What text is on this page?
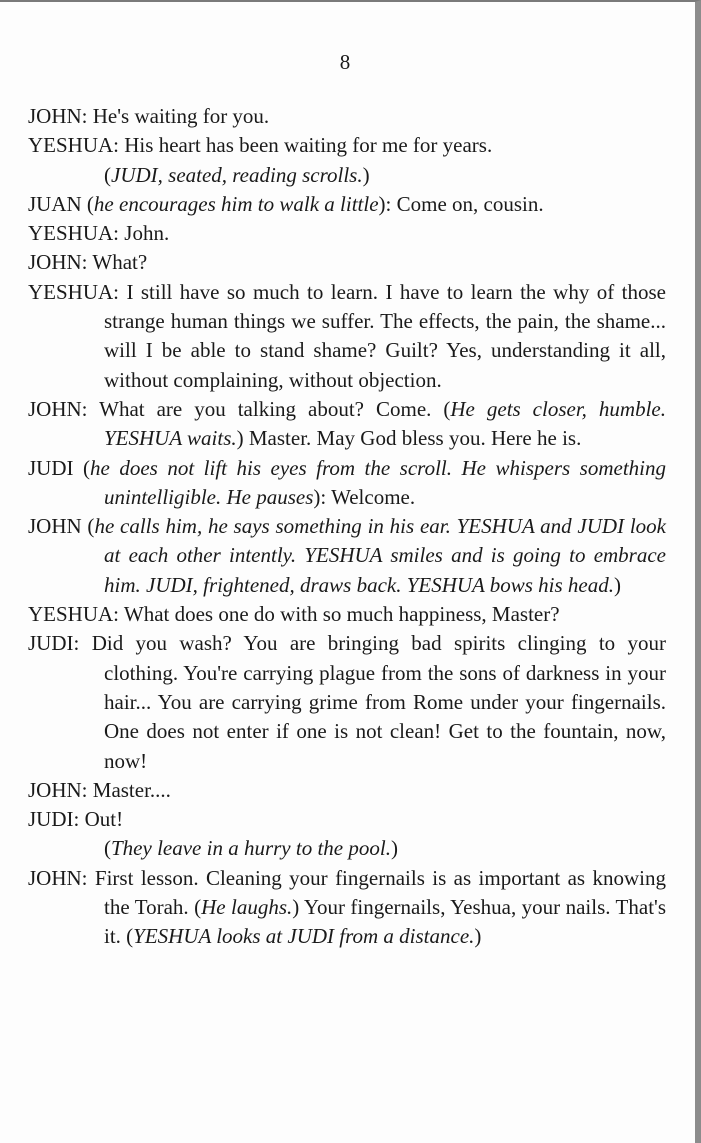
8

JOHN: He's waiting for you.

YESHUA: His heart has been waiting for me for years.

(JUDI, seated, reading scrolls.)

JUAN (he encourages him to walk a little): Come on, cousin.

YESHUA: John.

JOHN: What?

YESHUA: I still have so much to learn. I have to learn the why of those strange human things we suffer. The effects, the pain, the shame... will I be able to stand shame? Guilt? Yes, understanding it all, without complaining, without objection.

JOHN: What are you talking about? Come. (He gets closer, humble. YESHUA waits.) Master. May God bless you. Here he is.

JUDI (he does not lift his eyes from the scroll. He whispers something unintelligible. He pauses): Welcome.

JOHN (he calls him, he says something in his ear. YESHUA and JUDI look at each other intently. YESHUA smiles and is going to embrace him. JUDI, frightened, draws back. YESHUA bows his head.)

YESHUA: What does one do with so much happiness, Master?

JUDI: Did you wash? You are bringing bad spirits clinging to your clothing. You're carrying plague from the sons of darkness in your hair... You are carrying grime from Rome under your fingernails. One does not enter if one is not clean! Get to the fountain, now, now!

JOHN: Master....

JUDI: Out!

(They leave in a hurry to the pool.)

JOHN: First lesson. Cleaning your fingernails is as important as knowing the Torah. (He laughs.) Your fingernails, Yeshua, your nails. That's it. (YESHUA looks at JUDI from a distance.)
